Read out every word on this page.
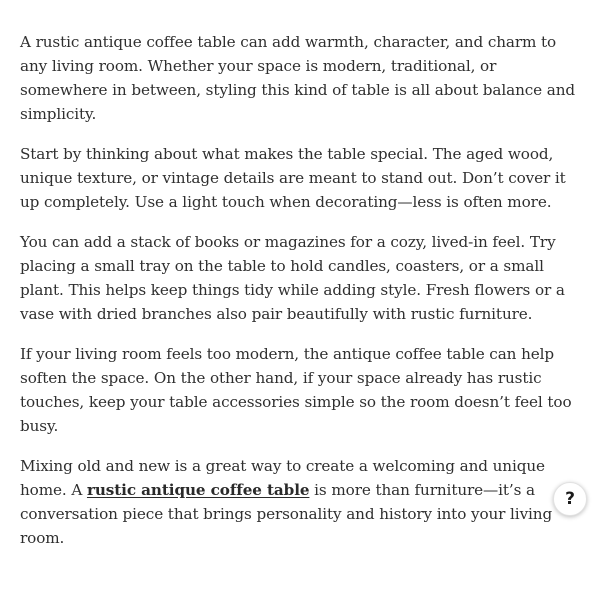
A rustic antique coffee table can add warmth, character, and charm to any living room. Whether your space is modern, traditional, or somewhere in between, styling this kind of table is all about balance and simplicity.

Start by thinking about what makes the table special. The aged wood, unique texture, or vintage details are meant to stand out. Don’t cover it up completely. Use a light touch when decorating—less is often more.

You can add a stack of books or magazines for a cozy, lived-in feel. Try placing a small tray on the table to hold candles, coasters, or a small plant. This helps keep things tidy while adding style. Fresh flowers or a vase with dried branches also pair beautifully with rustic furniture.

If your living room feels too modern, the antique coffee table can help soften the space. On the other hand, if your space already has rustic touches, keep your table accessories simple so the room doesn’t feel too busy.

Mixing old and new is a great way to create a welcoming and unique home. A rustic antique coffee table is more than furniture—it’s a conversation piece that brings personality and history into your living room.

?
